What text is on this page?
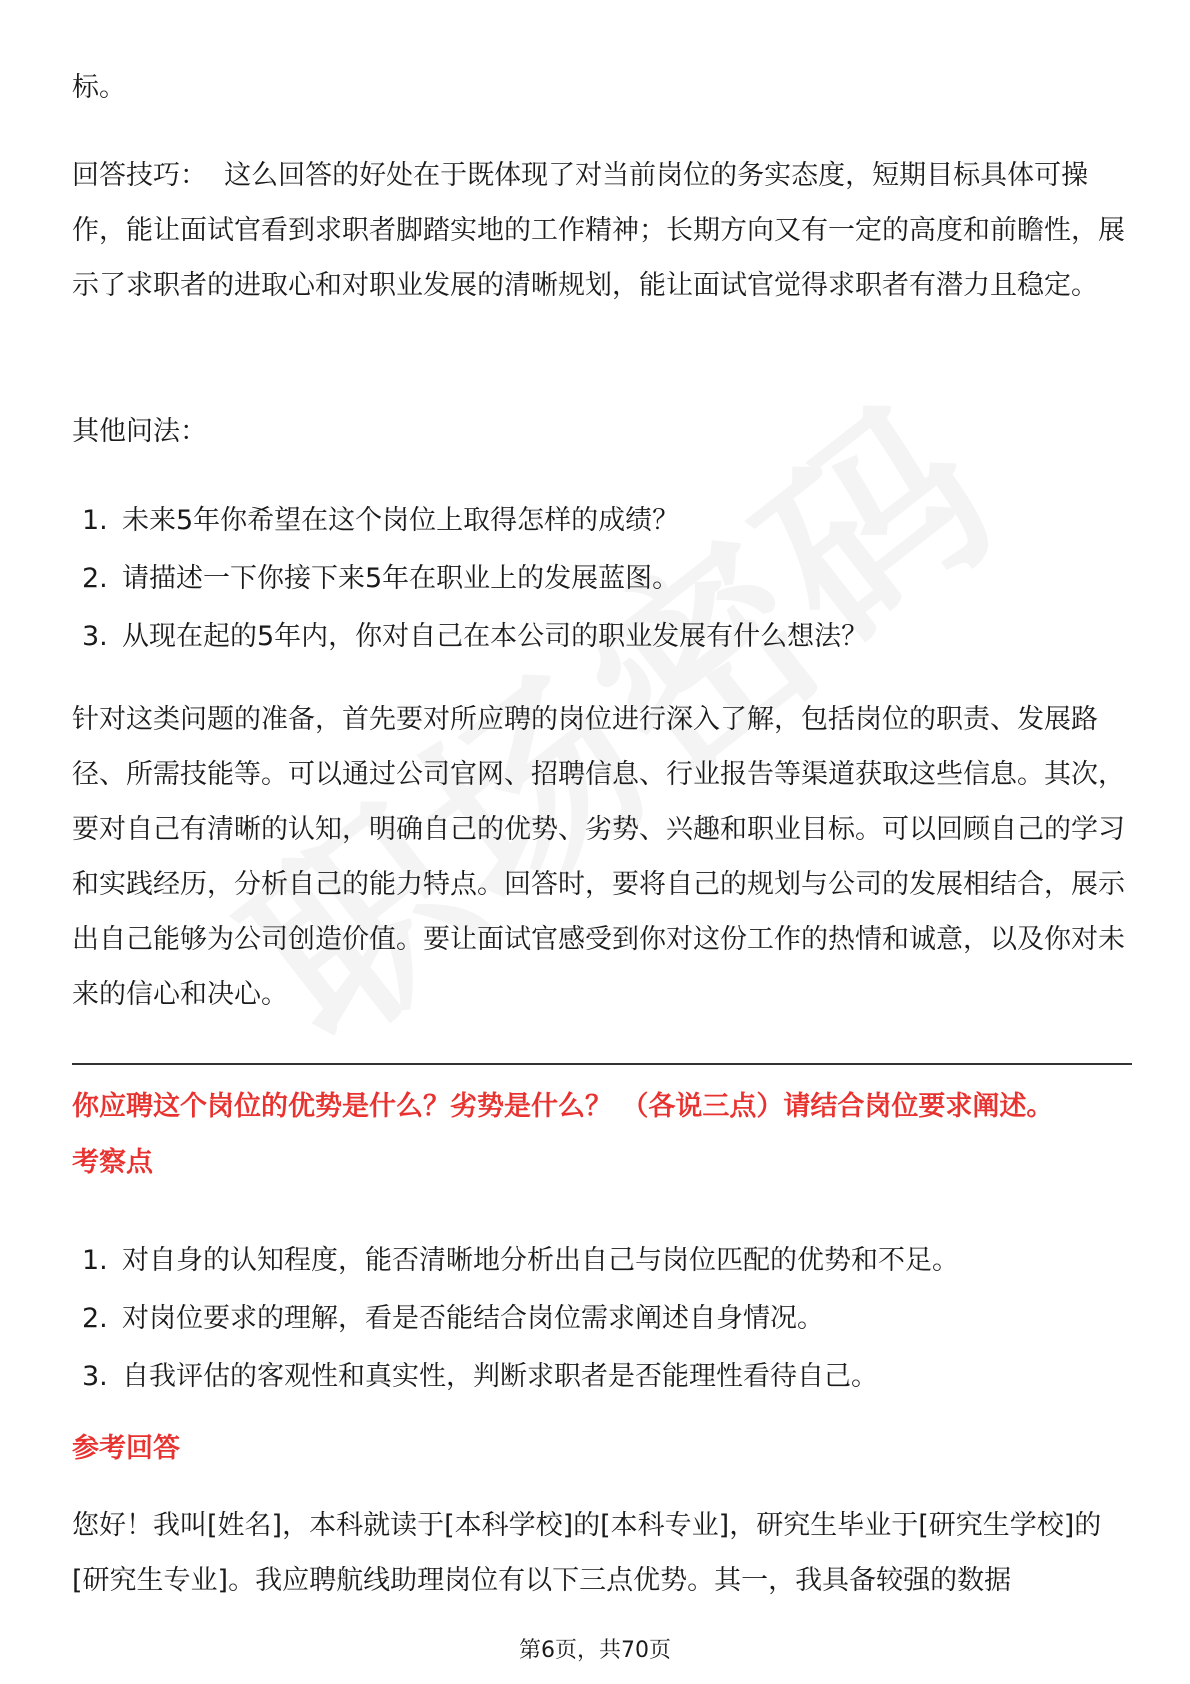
标。

回答技巧： 这么回答的好处在于既体现了对当前岗位的务实态度，短期目标具体可操作，能让面试官看到求职者脚踏实地的工作精神；长期方向又有一定的高度和前瞻性，展示了求职者的进取心和对职业发展的清晰规划，能让面试官觉得求职者有潜力且稳定。

其他问法：

1. 未来5年你希望在这个岗位上取得怎样的成绩？
2. 请描述一下你接下来5年在职业上的发展蓝图。
3. 从现在起的5年内，你对自己在本公司的职业发展有什么想法？

针对这类问题的准备，首先要对所应聘的岗位进行深入了解，包括岗位的职责、发展路径、所需技能等。可以通过公司官网、招聘信息、行业报告等渠道获取这些信息。其次，要对自己有清晰的认知，明确自己的优势、劣势、兴趣和职业目标。可以回顾自己的学习和实践经历，分析自己的能力特点。回答时，要将自己的规划与公司的发展相结合，展示出自己能够为公司创造价值。要让面试官感受到你对这份工作的热情和诚意，以及你对未来的信心和决心。

你应聘这个岗位的优势是什么？劣势是什么？ （各说三点）请结合岗位要求阐述。
考察点
1. 对自身的认知程度，能否清晰地分析出自己与岗位匹配的优势和不足。
2. 对岗位要求的理解，看是否能结合岗位需求阐述自身情况。
3. 自我评估的客观性和真实性，判断求职者是否能理性看待自己。
参考回答

您好！我叫[姓名]，本科就读于[本科学校]的[本科专业]，研究生毕业于[研究生学校]的[研究生专业]。我应聘航线助理岗位有以下三点优势。其一，我具备较强的数据

第6页，共70页
